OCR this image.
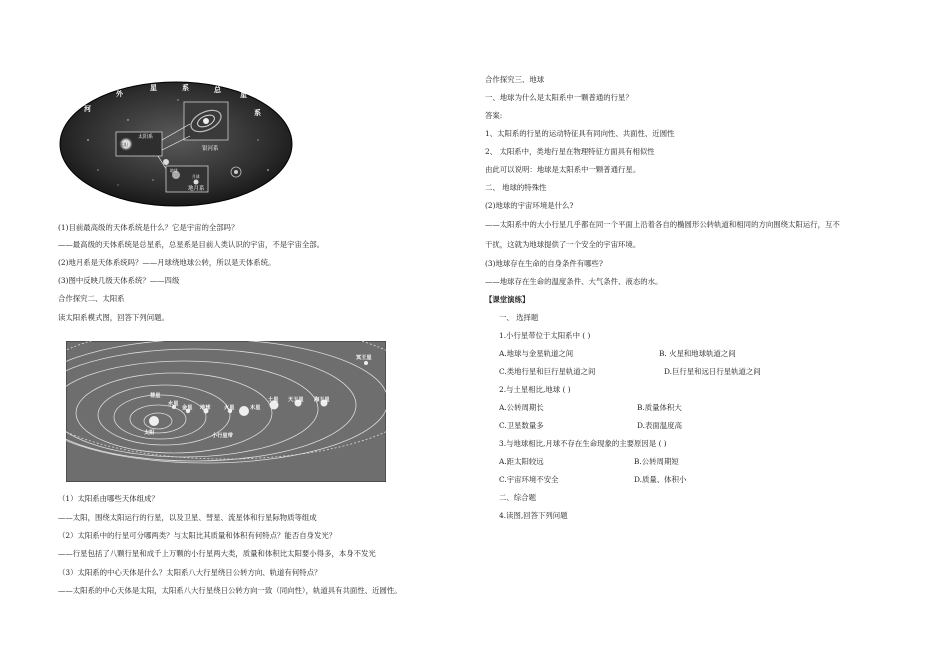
河
外
星	系	总
星
系
银河系
太阳
太阳系
地球
月球
地月系
(1)目前最高级的天体系统是什么？它是宇宙的全部吗？
——最高级的天体系统是总星系，总星系是目前人类认识的宇宙，不是宇宙全部。
(2)地月系是天体系统吗？——月球绕地球公转，所以是天体系统。
(3)图中反映几级天体系统？——四级
合作探究二、太阳系
读太阳系模式图，回答下列问题。
太阳
彗星
水星
金星 地球	火星	木星
土星 天王星 海王星
冥王星
小行星带
（1）太阳系由哪些天体组成？
——太阳，围绕太阳运行的行星，以及卫星、彗星、流星体和行星际物质等组成
（2）太阳系中的行星可分哪两类？与太阳比其质量和体积有何特点？能否自身发光？
——行星包括了八颗行星和成千上万颗的小行星两大类，质量和体积比太阳要小得多，本身不发光
（3）太阳系的中心天体是什么？太阳系八大行星绕日公转方向、轨道有何特点？
——太阳系的中心天体是太阳，太阳系八大行星绕日公转方向一致（同向性），轨道具有共面性、近圆性。
合作探究三、地球
一、地球为什么是太阳系中一颗普通的行星？
答案:
1、太阳系的行星的运动特征具有同向性、共面性、近圆性
2、 太阳系中，类地行星在物理特征方面具有相似性
由此可以说明：地球是太阳系中一颗普通行星。
二、 地球的特殊性
(2)地球的宇宙环境是什么?
——太阳系中的大小行星几乎都在同一个平面上沿着各自的椭圆形公转轨道和相同的方向围绕太阳运行，互不
干扰，这就为地球提供了一个安全的宇宙环境。
(3)地球存在生命的自身条件有哪些?
——地球存在生命的温度条件、大气条件、液态的水。
【课堂演练】
一、 选择题
1.小行星带位于太阳系中 ( )
A.地球与金星轨道之间	B. 火星和地球轨道之间
C.类地行星和巨行星轨道之间	D.巨行星和远日行星轨道之间
2.与土星相比,地球 ( )
A.公转周期长	B.质量体积大
C.卫星数量多	D.表面温度高
3.与地球相比,月球不存在生命现象的主要原因是 ( )
A.距太阳较远	B.公转周期短
C.宇宙环境不安全	D.质量、体积小
二、综合题
4.读图,回答下列问题
